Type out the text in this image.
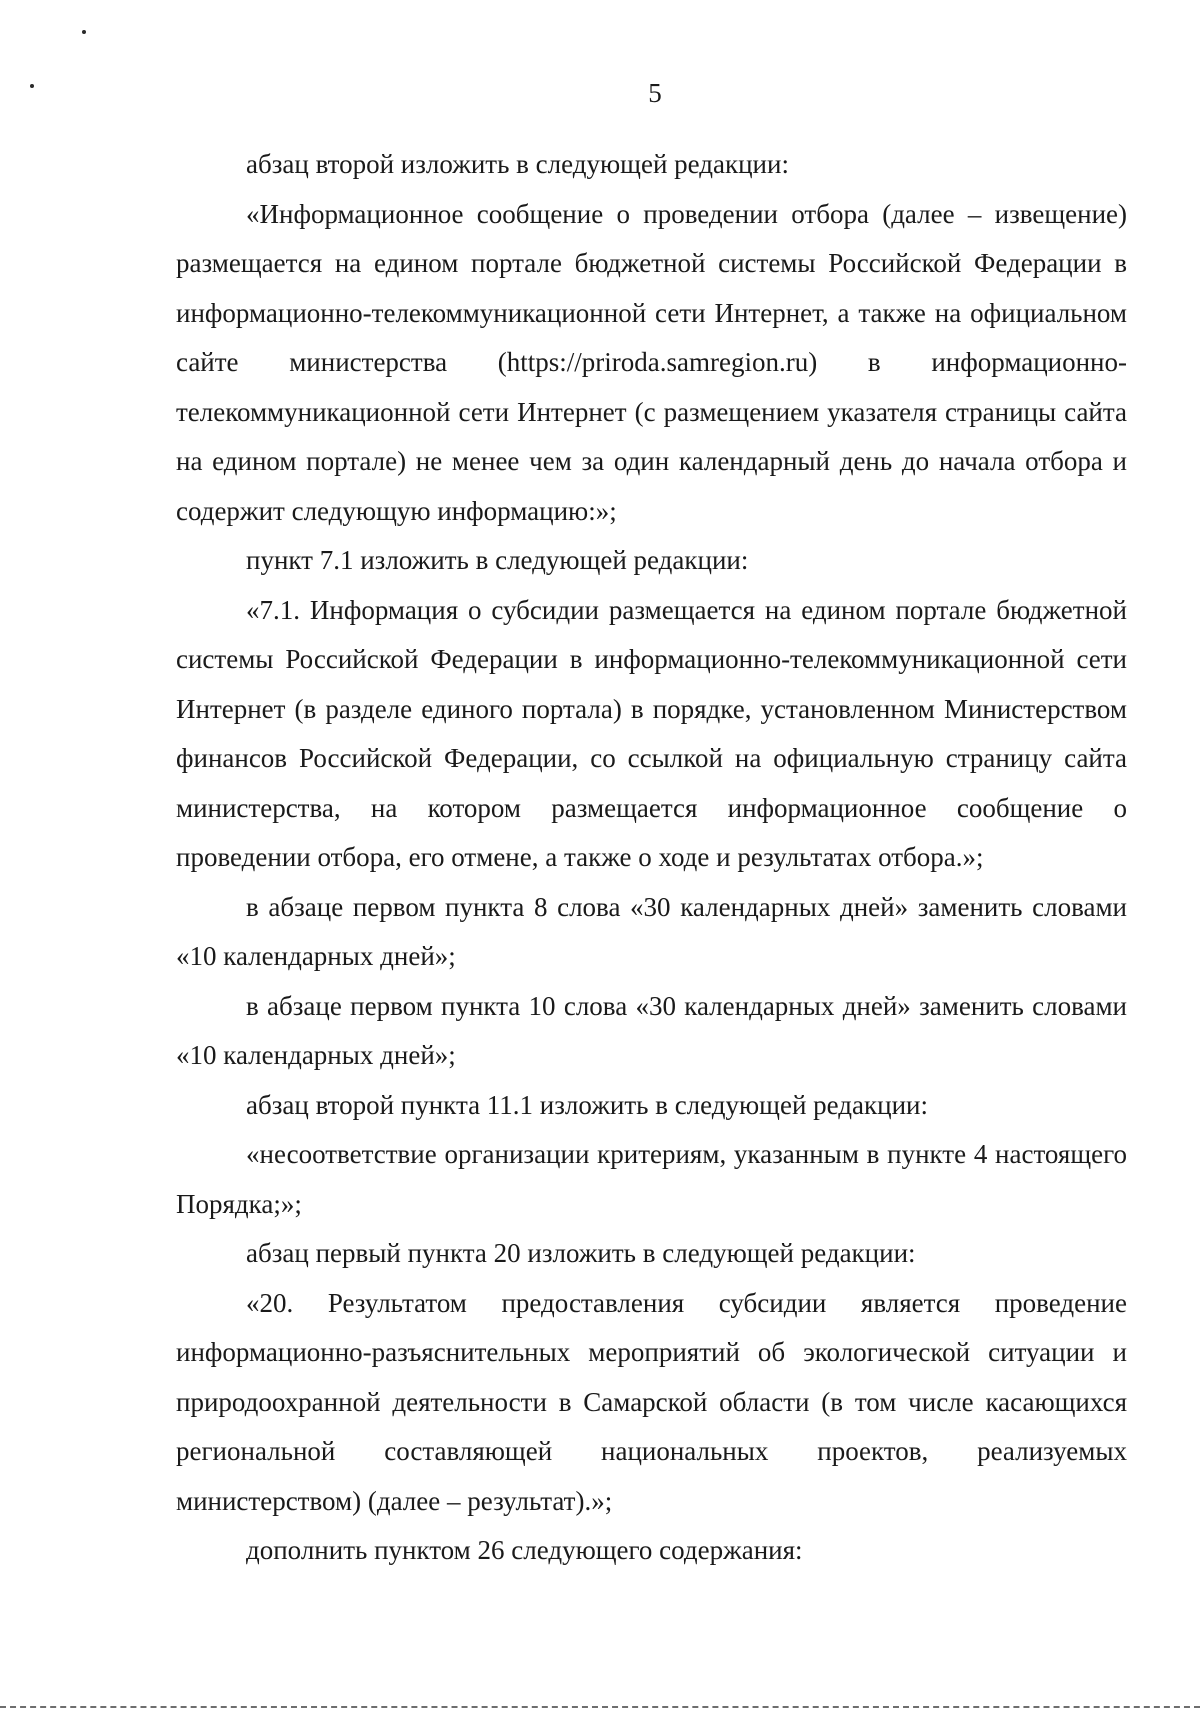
5

абзац второй изложить в следующей редакции:

«Информационное сообщение о проведении отбора (далее – извещение) размещается на едином портале бюджетной системы Российской Федерации в информационно-телекоммуникационной сети Интернет, а также на официальном сайте министерства (https://priroda.samregion.ru) в информационно-телекоммуникационной сети Интернет (с размещением указателя страницы сайта на едином портале) не менее чем за один календарный день до начала отбора и содержит следующую информацию:»;

пункт 7.1 изложить в следующей редакции:

«7.1. Информация о субсидии размещается на едином портале бюджетной системы Российской Федерации в информационно-телекоммуникационной сети Интернет (в разделе единого портала) в порядке, установленном Министерством финансов Российской Федерации, со ссылкой на официальную страницу сайта министерства, на котором размещается информационное сообщение о проведении отбора, его отмене, а также о ходе и результатах отбора.»;

в абзаце первом пункта 8 слова «30 календарных дней» заменить словами «10 календарных дней»;

в абзаце первом пункта 10 слова «30 календарных дней» заменить словами «10 календарных дней»;

абзац второй пункта 11.1 изложить в следующей редакции:

«несоответствие организации критериям, указанным в пункте 4 настоящего Порядка;»;

абзац первый пункта 20 изложить в следующей редакции:

«20. Результатом предоставления субсидии является проведение информационно-разъяснительных мероприятий об экологической ситуации и природоохранной деятельности в Самарской области (в том числе касающихся региональной составляющей национальных проектов, реализуемых министерством) (далее – результат).»;

дополнить пунктом 26 следующего содержания:
